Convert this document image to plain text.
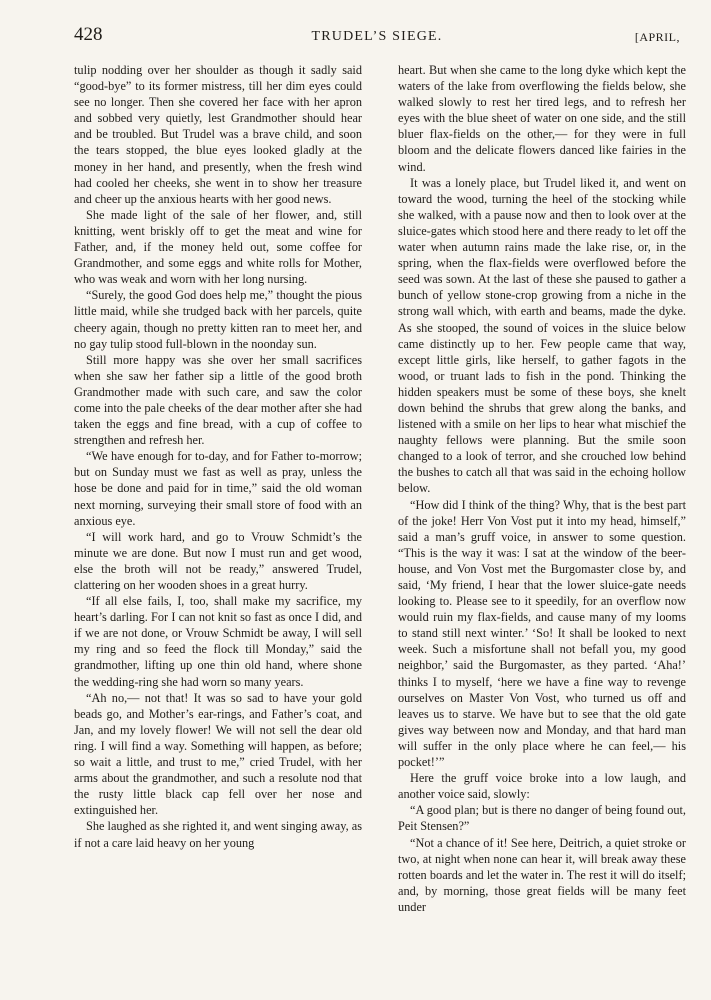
428	TRUDEL’S SIEGE.	[APRIL,

tulip nodding over her shoulder as though it sadly said “good-bye” to its former mistress, till her dim eyes could see no longer. Then she covered her face with her apron and sobbed very quietly, lest Grandmother should hear and be troubled. But Trudel was a brave child, and soon the tears stopped, the blue eyes looked gladly at the money in her hand, and presently, when the fresh wind had cooled her cheeks, she went in to show her treasure and cheer up the anxious hearts with her good news.

She made light of the sale of her flower, and, still knitting, went briskly off to get the meat and wine for Father, and, if the money held out, some coffee for Grandmother, and some eggs and white rolls for Mother, who was weak and worn with her long nursing.

“Surely, the good God does help me,” thought the pious little maid, while she trudged back with her parcels, quite cheery again, though no pretty kitten ran to meet her, and no gay tulip stood full-blown in the noonday sun.

Still more happy was she over her small sacrifices when she saw her father sip a little of the good broth Grandmother made with such care, and saw the color come into the pale cheeks of the dear mother after she had taken the eggs and fine bread, with a cup of coffee to strengthen and refresh her.

“We have enough for to-day, and for Father to-morrow; but on Sunday must we fast as well as pray, unless the hose be done and paid for in time,” said the old woman next morning, surveying their small store of food with an anxious eye.

“I will work hard, and go to Vrouw Schmidt’s the minute we are done. But now I must run and get wood, else the broth will not be ready,” answered Trudel, clattering on her wooden shoes in a great hurry.

“If all else fails, I, too, shall make my sacrifice, my heart’s darling. For I can not knit so fast as once I did, and if we are not done, or Vrouw Schmidt be away, I will sell my ring and so feed the flock till Monday,” said the grandmother, lifting up one thin old hand, where shone the wedding-ring she had worn so many years.

“Ah no,— not that! It was so sad to have your gold beads go, and Mother’s ear-rings, and Father’s coat, and Jan, and my lovely flower! We will not sell the dear old ring. I will find a way. Something will happen, as before; so wait a little, and trust to me,” cried Trudel, with her arms about the grandmother, and such a resolute nod that the rusty little black cap fell over her nose and extinguished her.

She laughed as she righted it, and went singing away, as if not a care laid heavy on her young

heart. But when she came to the long dyke which kept the waters of the lake from overflowing the fields below, she walked slowly to rest her tired legs, and to refresh her eyes with the blue sheet of water on one side, and the still bluer flax-fields on the other,— for they were in full bloom and the delicate flowers danced like fairies in the wind.

It was a lonely place, but Trudel liked it, and went on toward the wood, turning the heel of the stocking while she walked, with a pause now and then to look over at the sluice-gates which stood here and there ready to let off the water when autumn rains made the lake rise, or, in the spring, when the flax-fields were overflowed before the seed was sown. At the last of these she paused to gather a bunch of yellow stone-crop growing from a niche in the strong wall which, with earth and beams, made the dyke. As she stooped, the sound of voices in the sluice below came distinctly up to her. Few people came that way, except little girls, like herself, to gather fagots in the wood, or truant lads to fish in the pond. Thinking the hidden speakers must be some of these boys, she knelt down behind the shrubs that grew along the banks, and listened with a smile on her lips to hear what mischief the naughty fellows were planning. But the smile soon changed to a look of terror, and she crouched low behind the bushes to catch all that was said in the echoing hollow below.

“How did I think of the thing? Why, that is the best part of the joke! Herr Von Vost put it into my head, himself,” said a man’s gruff voice, in answer to some question. “This is the way it was: I sat at the window of the beer-house, and Von Vost met the Burgomaster close by, and said, ‘My friend, I hear that the lower sluice-gate needs looking to. Please see to it speedily, for an overflow now would ruin my flax-fields, and cause many of my looms to stand still next winter.’ ‘So! It shall be looked to next week. Such a misfortune shall not befall you, my good neighbor,’ said the Burgomaster, as they parted. ‘Aha!’ thinks I to myself, ‘here we have a fine way to revenge ourselves on Master Von Vost, who turned us off and leaves us to starve. We have but to see that the old gate gives way between now and Monday, and that hard man will suffer in the only place where he can feel,— his pocket!’”

Here the gruff voice broke into a low laugh, and another voice said, slowly:

“A good plan; but is there no danger of being found out, Peit Stensen?”

“Not a chance of it! See here, Deitrich, a quiet stroke or two, at night when none can hear it, will break away these rotten boards and let the water in. The rest it will do itself; and, by morning, those great fields will be many feet under
